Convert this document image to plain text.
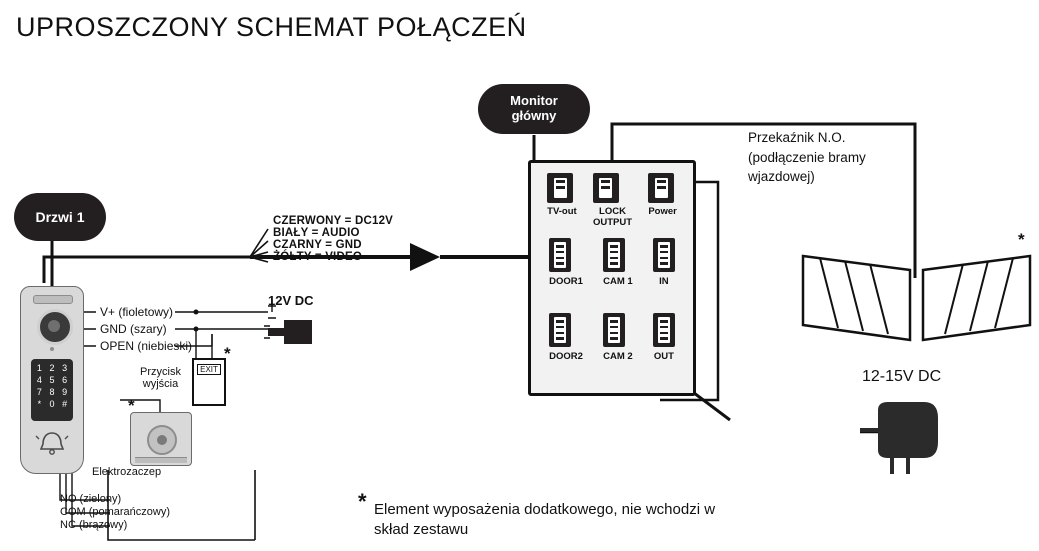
UPROSZCZONY SCHEMAT POŁĄCZEŃ
Monitor
główny
Drzwi 1	TV-out	LOCK
OUTPUT
Power
DOOR1 CAM 1	IN
DOOR2 CAM 2 OUT
CZERWONY = DC12V
BIAŁY = AUDIO
CZARNY = GND
ŻÓŁTY = VIDEO
1 2 3
4 5 6
7 8 9
* 0 #
V+ (fioletowy)
GND (szary)
OPEN (niebieski)
12V DC
Przycisk
wyjścia
EXIT
*
*
Elektrozaczep
NO (zielony)
COM (pomarańczowy)
NC (brązowy)
Przekaźnik N.O.
(podłączenie bramy
wjazdowej)
*
12-15V DC
* Element wyposażenia dodatkowego, nie wchodzi w
skład zestawu
